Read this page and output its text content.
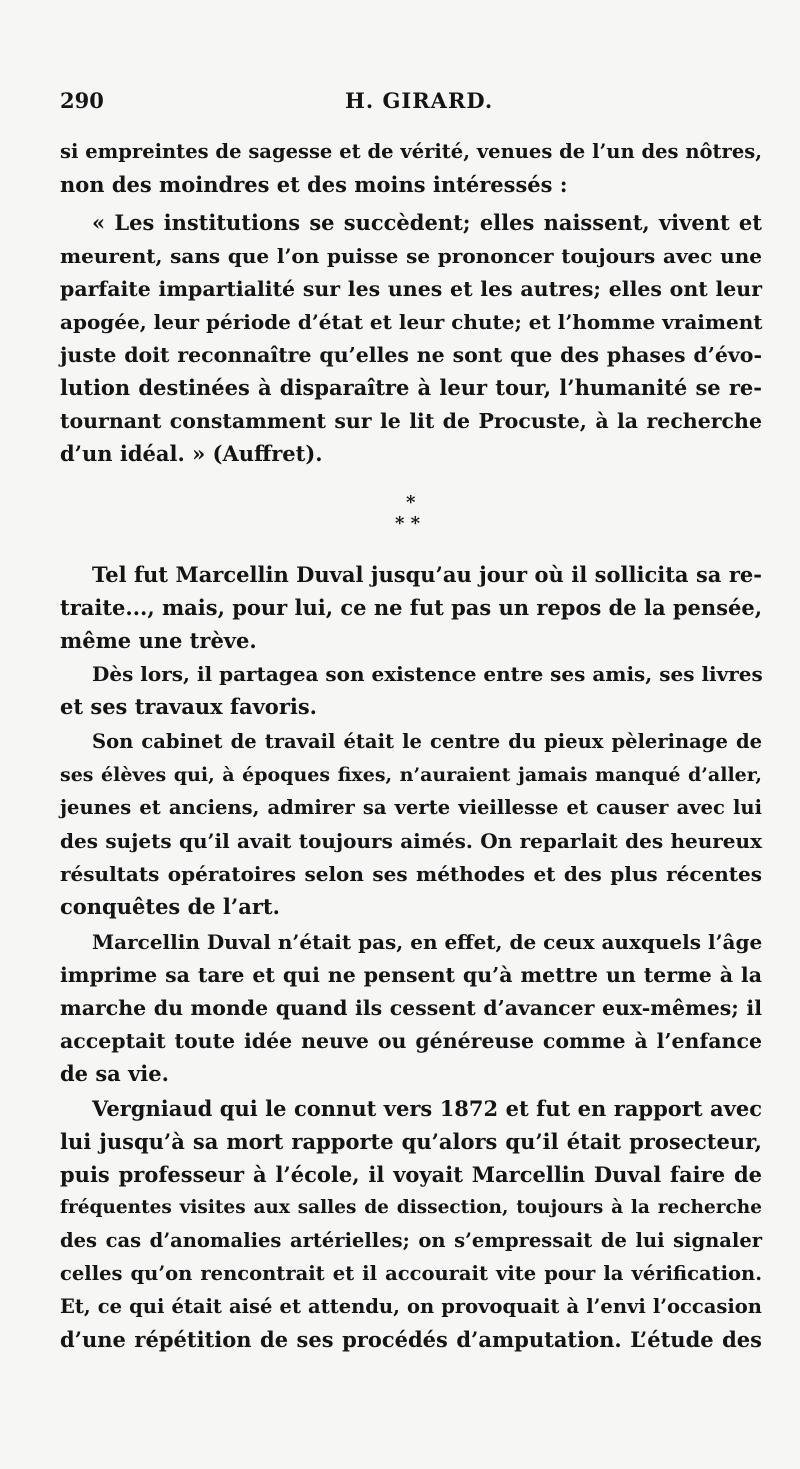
290	H. GIRARD.
si empreintes de sagesse et de vérité, venues de l’un des nôtres,
non des moindres et des moins intéressés :
« Les institutions se succèdent; elles naissent, vivent et
meurent, sans que l’on puisse se prononcer toujours avec une
parfaite impartialité sur les unes et les autres; elles ont leur
apogée, leur période d’état et leur chute; et l’homme vraiment
juste doit reconnaître qu’elles ne sont que des phases d’évo-
lution destinées à disparaître à leur tour, l’humanité se re-
tournant constamment sur le lit de Procuste, à la recherche
d’un idéal. » (Auffret).
*
* *
Tel fut Marcellin Duval jusqu’au jour où il sollicita sa re-
traite..., mais, pour lui, ce ne fut pas un repos de la pensée,
même une trève.
Dès lors, il partagea son existence entre ses amis, ses livres
et ses travaux favoris.
Son cabinet de travail était le centre du pieux pèlerinage de
ses élèves qui, à époques fixes, n’auraient jamais manqué d’aller,
jeunes et anciens, admirer sa verte vieillesse et causer avec lui
des sujets qu’il avait toujours aimés. On reparlait des heureux
résultats opératoires selon ses méthodes et des plus récentes
conquêtes de l’art.
Marcellin Duval n’était pas, en effet, de ceux auxquels l’âge
imprime sa tare et qui ne pensent qu’à mettre un terme à la
marche du monde quand ils cessent d’avancer eux-mêmes; il
acceptait toute idée neuve ou généreuse comme à l’enfance
de sa vie.
Vergniaud qui le connut vers 1872 et fut en rapport avec
lui jusqu’à sa mort rapporte qu’alors qu’il était prosecteur,
puis professeur à l’école, il voyait Marcellin Duval faire de
fréquentes visites aux salles de dissection, toujours à la recherche
des cas d’anomalies artérielles; on s’empressait de lui signaler
celles qu’on rencontrait et il accourait vite pour la vérification.
Et, ce qui était aisé et attendu, on provoquait à l’envi l’occasion
d’une répétition de ses procédés d’amputation. L’étude des
